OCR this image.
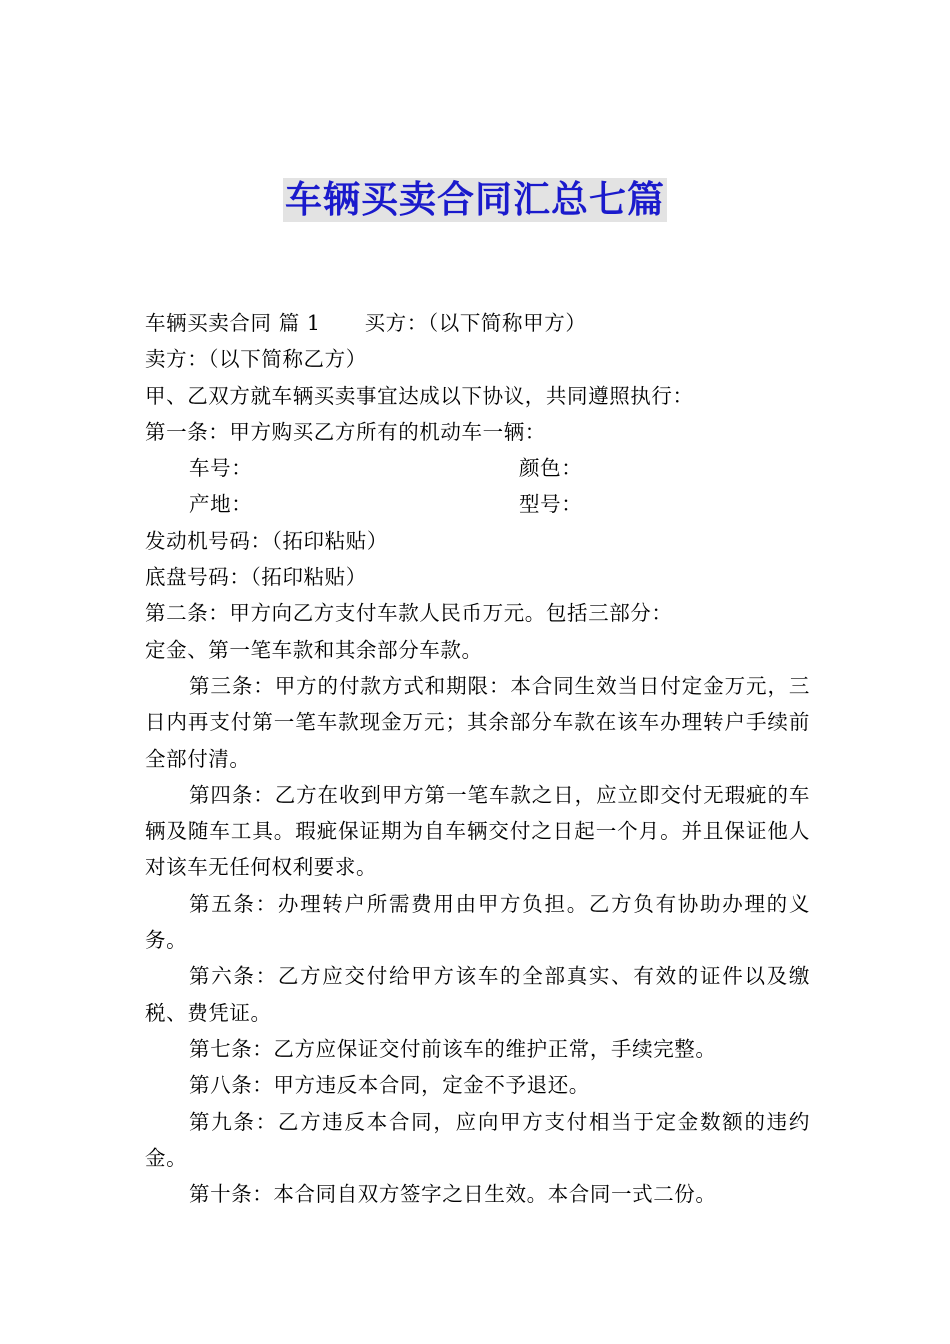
车辆买卖合同汇总七篇

车辆买卖合同 篇 1 买方：（以下简称甲方）

卖方：（以下简称乙方）

甲、乙双方就车辆买卖事宜达成以下协议，共同遵照执行：

第一条：甲方购买乙方所有的机动车一辆：

车号：	颜色：
产地：	型号：

发动机号码：（拓印粘贴）

底盘号码：（拓印粘贴）

第二条：甲方向乙方支付车款人民币万元。包括三部分：

定金、第一笔车款和其余部分车款。

第三条：甲方的付款方式和期限：本合同生效当日付定金万元，三日内再支付第一笔车款现金万元；其余部分车款在该车办理转户手续前全部付清。

第四条：乙方在收到甲方第一笔车款之日，应立即交付无瑕疵的车辆及随车工具。瑕疵保证期为自车辆交付之日起一个月。并且保证他人对该车无任何权利要求。

第五条：办理转户所需费用由甲方负担。乙方负有协助办理的义务。

第六条：乙方应交付给甲方该车的全部真实、有效的证件以及缴税、费凭证。

第七条：乙方应保证交付前该车的维护正常，手续完整。

第八条：甲方违反本合同，定金不予退还。

第九条：乙方违反本合同，应向甲方支付相当于定金数额的违约金。

第十条：本合同自双方签字之日生效。本合同一式二份。
